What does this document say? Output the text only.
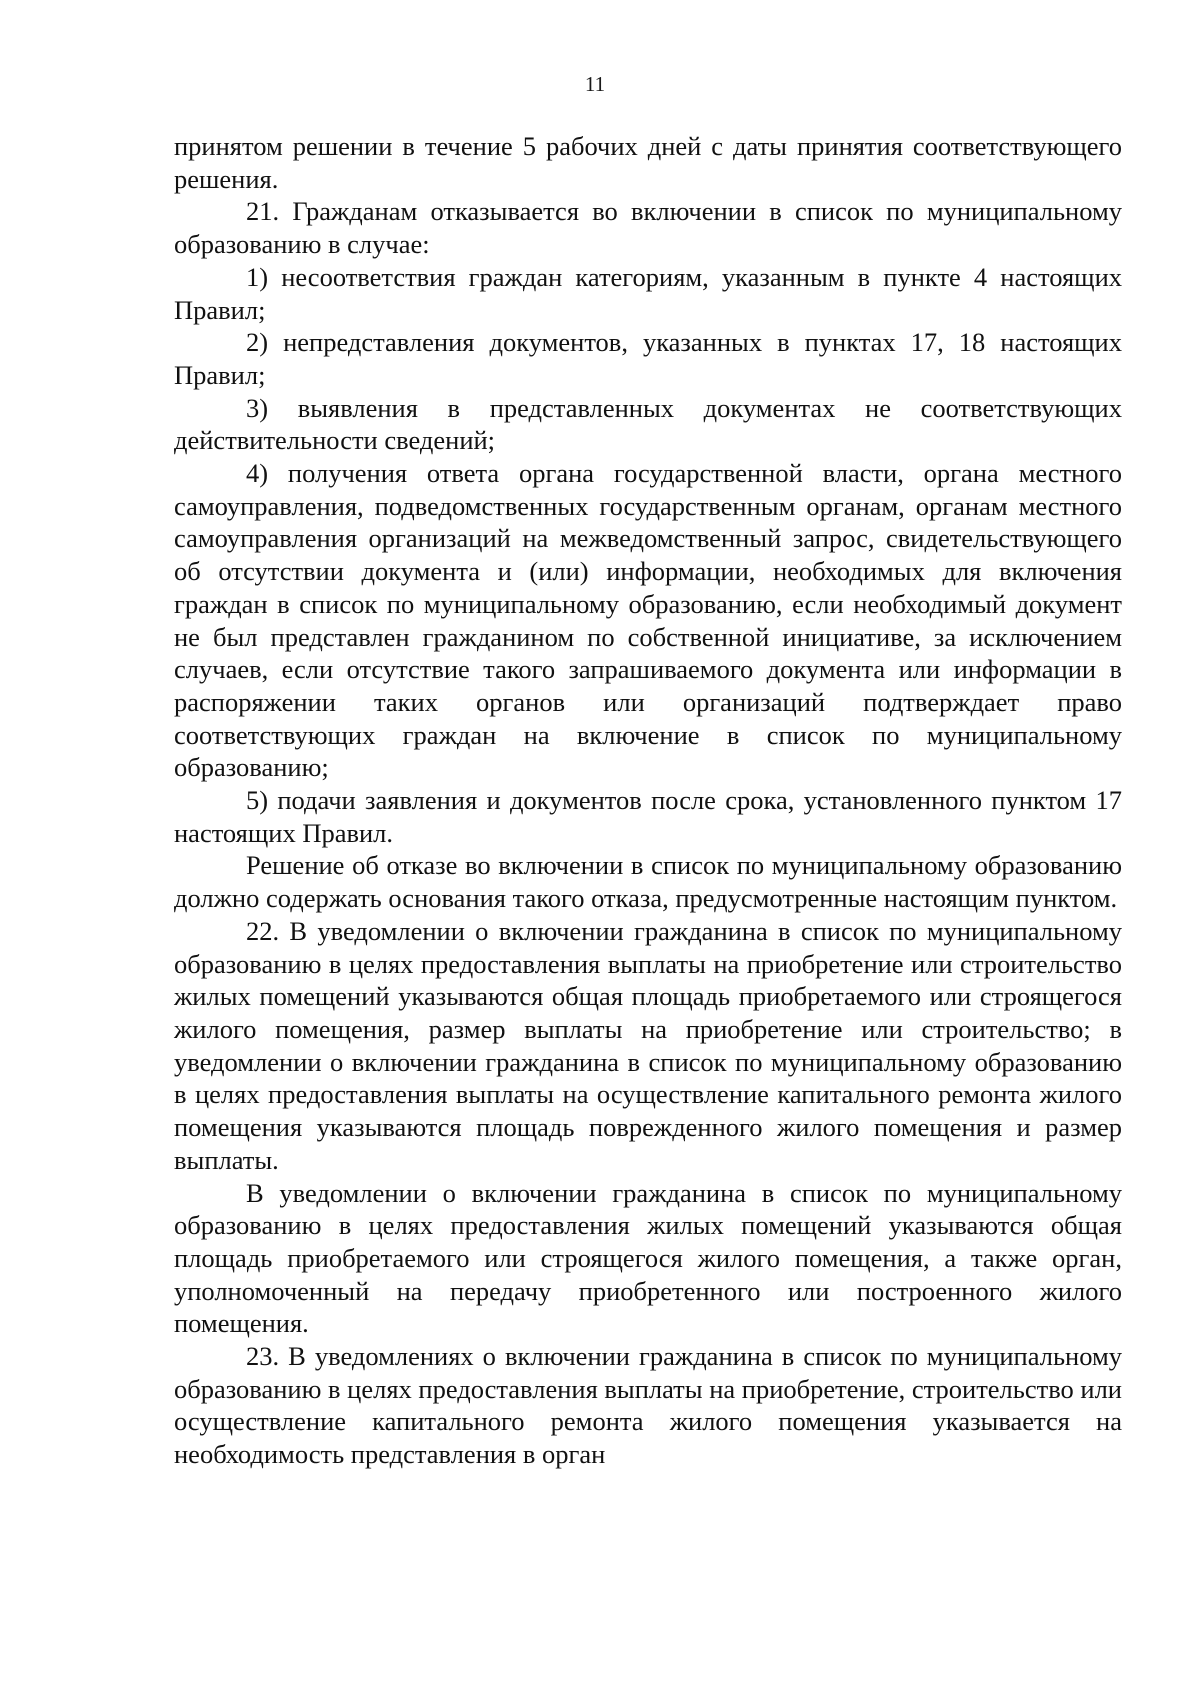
11

принятом решении в течение 5 рабочих дней с даты принятия соответствующего решения.

21. Гражданам отказывается во включении в список по муниципальному образованию в случае:

1) несоответствия граждан категориям, указанным в пункте 4 настоящих Правил;

2) непредставления документов, указанных в пунктах 17, 18 настоящих Правил;

3) выявления в представленных документах не соответствующих действительности сведений;

4) получения ответа органа государственной власти, органа местного самоуправления, подведомственных государственным органам, органам местного самоуправления организаций на межведомственный запрос, свидетельствующего об отсутствии документа и (или) информации, необходимых для включения граждан в список по муниципальному образованию, если необходимый документ не был представлен гражданином по собственной инициативе, за исключением случаев, если отсутствие такого запрашиваемого документа или информации в распоряжении таких органов или организаций подтверждает право соответствующих граждан на включение в список по муниципальному образованию;

5) подачи заявления и документов после срока, установленного пунктом 17 настоящих Правил.

Решение об отказе во включении в список по муниципальному образованию должно содержать основания такого отказа, предусмотренные настоящим пунктом.

22. В уведомлении о включении гражданина в список по муниципальному образованию в целях предоставления выплаты на приобретение или строительство жилых помещений указываются общая площадь приобретаемого или строящегося жилого помещения, размер выплаты на приобретение или строительство; в уведомлении о включении гражданина в список по муниципальному образованию в целях предоставления выплаты на осуществление капитального ремонта жилого помещения указываются площадь поврежденного жилого помещения и размер выплаты.

В уведомлении о включении гражданина в список по муниципальному образованию в целях предоставления жилых помещений указываются общая площадь приобретаемого или строящегося жилого помещения, а также орган, уполномоченный на передачу приобретенного или построенного жилого помещения.

23. В уведомлениях о включении гражданина в список по муниципальному образованию в целях предоставления выплаты на приобретение, строительство или осуществление капитального ремонта жилого помещения указывается на необходимость представления в орган
